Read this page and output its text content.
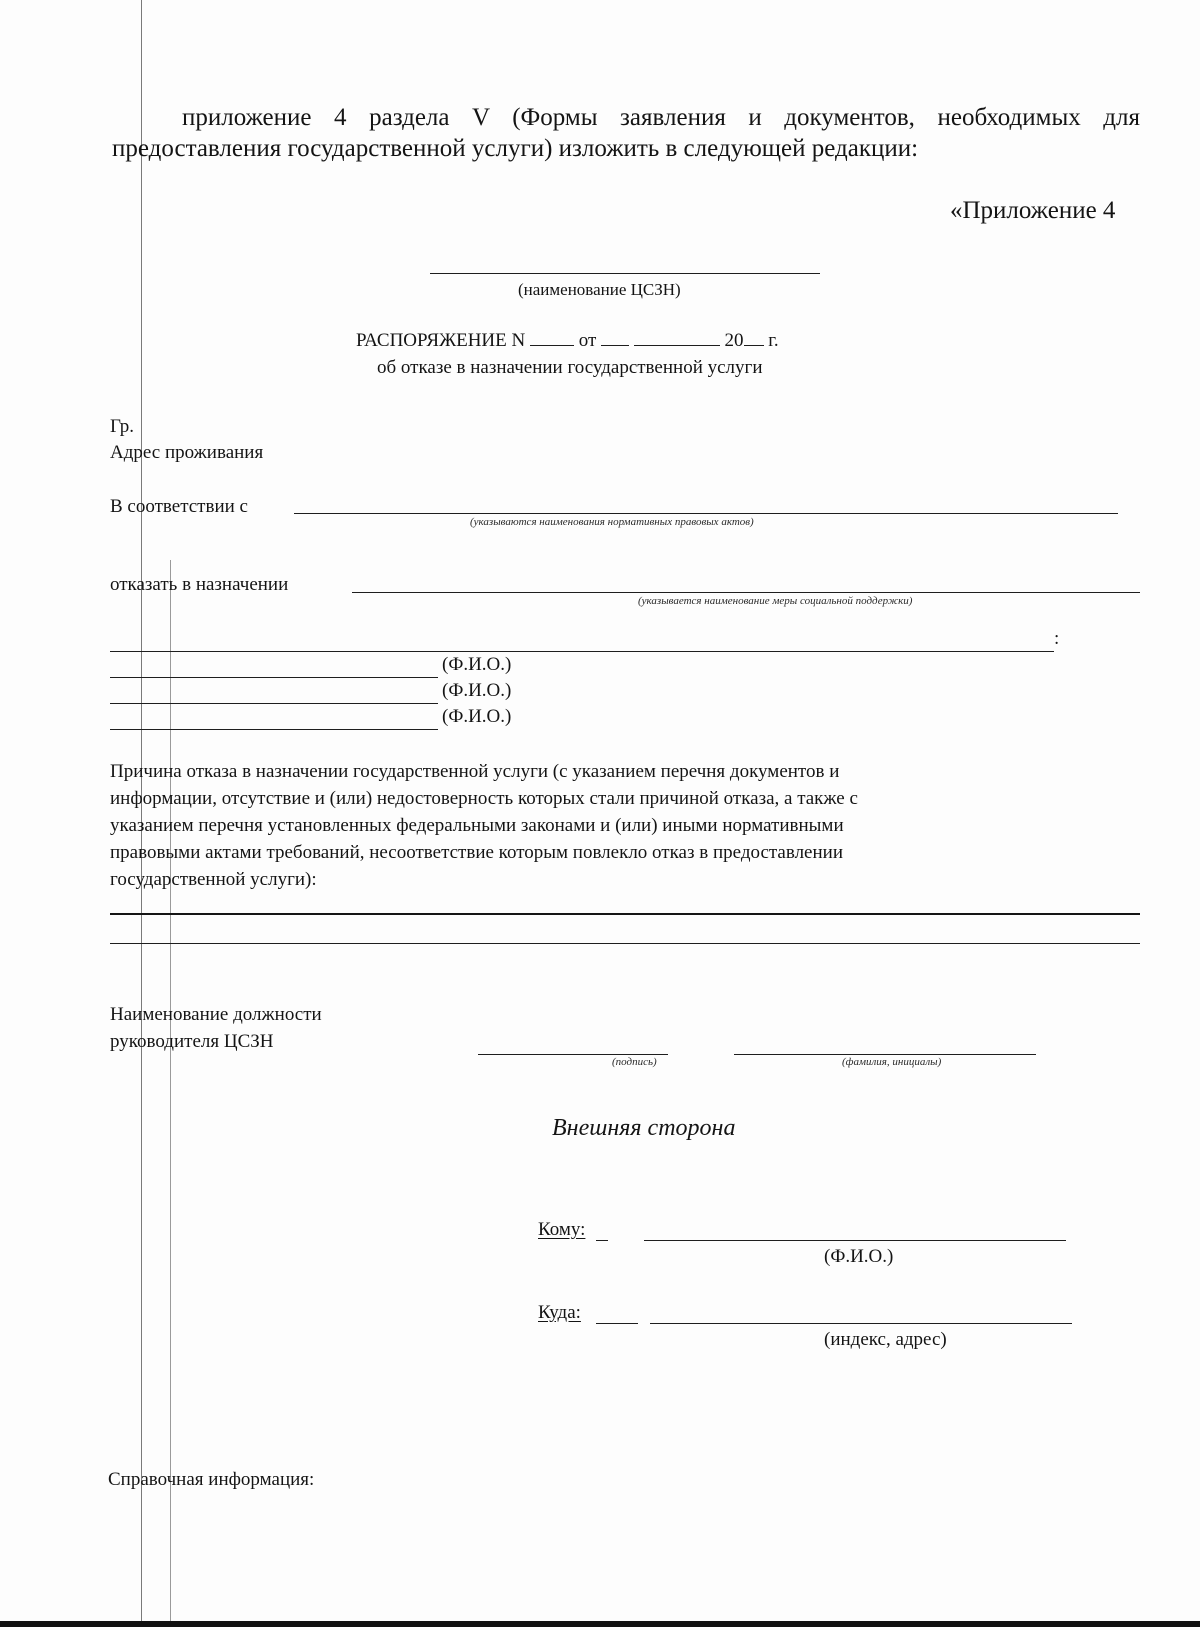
приложение 4 раздела V (Формы заявления и документов, необходимых для
предоставления государственной услуги) изложить в следующей редакции:
«Приложение 4
(наименование ЦСЗН)
РАСПОРЯЖЕНИЕ N	от	20 г.
об отказе в назначении государственной услуги
Гр.
Адрес проживания
В соответствии с
(указываются наименования нормативных правовых актов)
отказать в назначении
(указывается наименование меры социальной поддержки)
:
(Ф.И.О.)
(Ф.И.О.)
(Ф.И.О.)
Причина отказа в назначении государственной услуги (с указанием перечня документов и
информации, отсутствие и (или) недостоверность которых стали причиной отказа, а также с
указанием перечня установленных федеральными законами и (или) иными нормативными
правовыми актами требований, несоответствие которым повлекло отказ в предоставлении
государственной услуги):
Наименование должности
руководителя ЦСЗН
(подпись)	(фамилия, инициалы)
Внешняя сторона
Кому:
(Ф.И.О.)
Куда:
(индекс, адрес)
Справочная информация:
